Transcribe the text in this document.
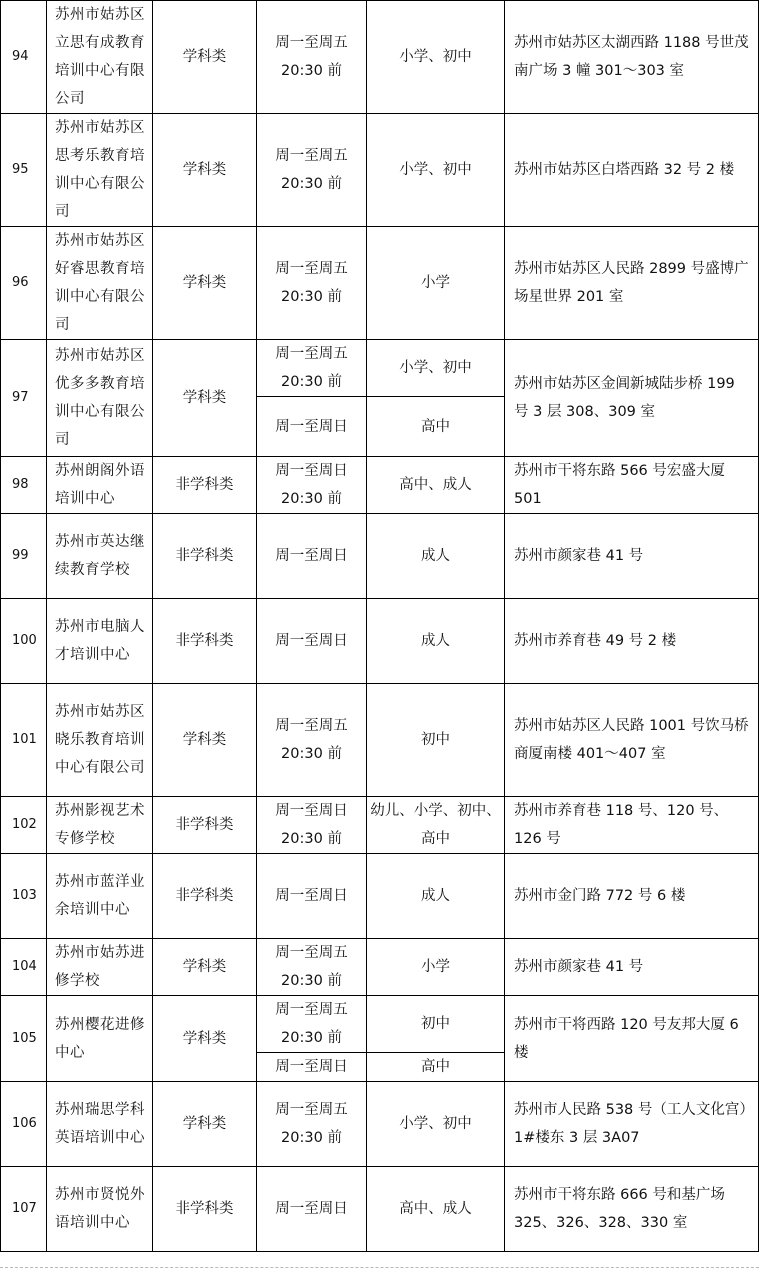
94	苏州市姑苏区立思有成教育培训中心有限公司	学科类	周一至周五 20:30 前	小学、初中	苏州市姑苏区太湖西路 1188 号世茂南广场 3 幢 301～303 室
95	苏州市姑苏区思考乐教育培训中心有限公司	学科类	周一至周五 20:30 前	小学、初中	苏州市姑苏区白塔西路 32 号 2 楼
96	苏州市姑苏区好睿思教育培训中心有限公司	学科类	周一至周五 20:30 前	小学	苏州市姑苏区人民路 2899 号盛博广场星世界 201 室
97	苏州市姑苏区优多多教育培训中心有限公司	学科类	周一至周五 20:30 前	小学、初中	苏州市姑苏区金阊新城陆步桥 199 号 3 层 308、309 室
			周一至周日	高中	
98	苏州朗阁外语培训中心	非学科类	周一至周日 20:30 前	高中、成人	苏州市干将东路 566 号宏盛大厦 501
99	苏州市英达继续教育学校	非学科类	周一至周日	成人	苏州市颜家巷 41 号
100	苏州市电脑人才培训中心	非学科类	周一至周日	成人	苏州市养育巷 49 号 2 楼
101	苏州市姑苏区晓乐教育培训中心有限公司	学科类	周一至周五 20:30 前	初中	苏州市姑苏区人民路 1001 号饮马桥商厦南楼 401～407 室
102	苏州影视艺术专修学校	非学科类	周一至周日 20:30 前	幼儿、小学、初中、高中	苏州市养育巷 118 号、120 号、126 号
103	苏州市蓝洋业余培训中心	非学科类	周一至周日	成人	苏州市金门路 772 号 6 楼
104	苏州市姑苏进修学校	学科类	周一至周五 20:30 前	小学	苏州市颜家巷 41 号
105	苏州樱花进修中心	学科类	周一至周五 20:30 前	初中	苏州市干将西路 120 号友邦大厦 6 楼
			周一至周日	高中	
106	苏州瑞思学科英语培训中心	学科类	周一至周五 20:30 前	小学、初中	苏州市人民路 538 号（工人文化宫）1#楼东 3 层 3A07
107	苏州市贤悦外语培训中心	非学科类	周一至周日	高中、成人	苏州市干将东路 666 号和基广场 325、326、328、330 室
